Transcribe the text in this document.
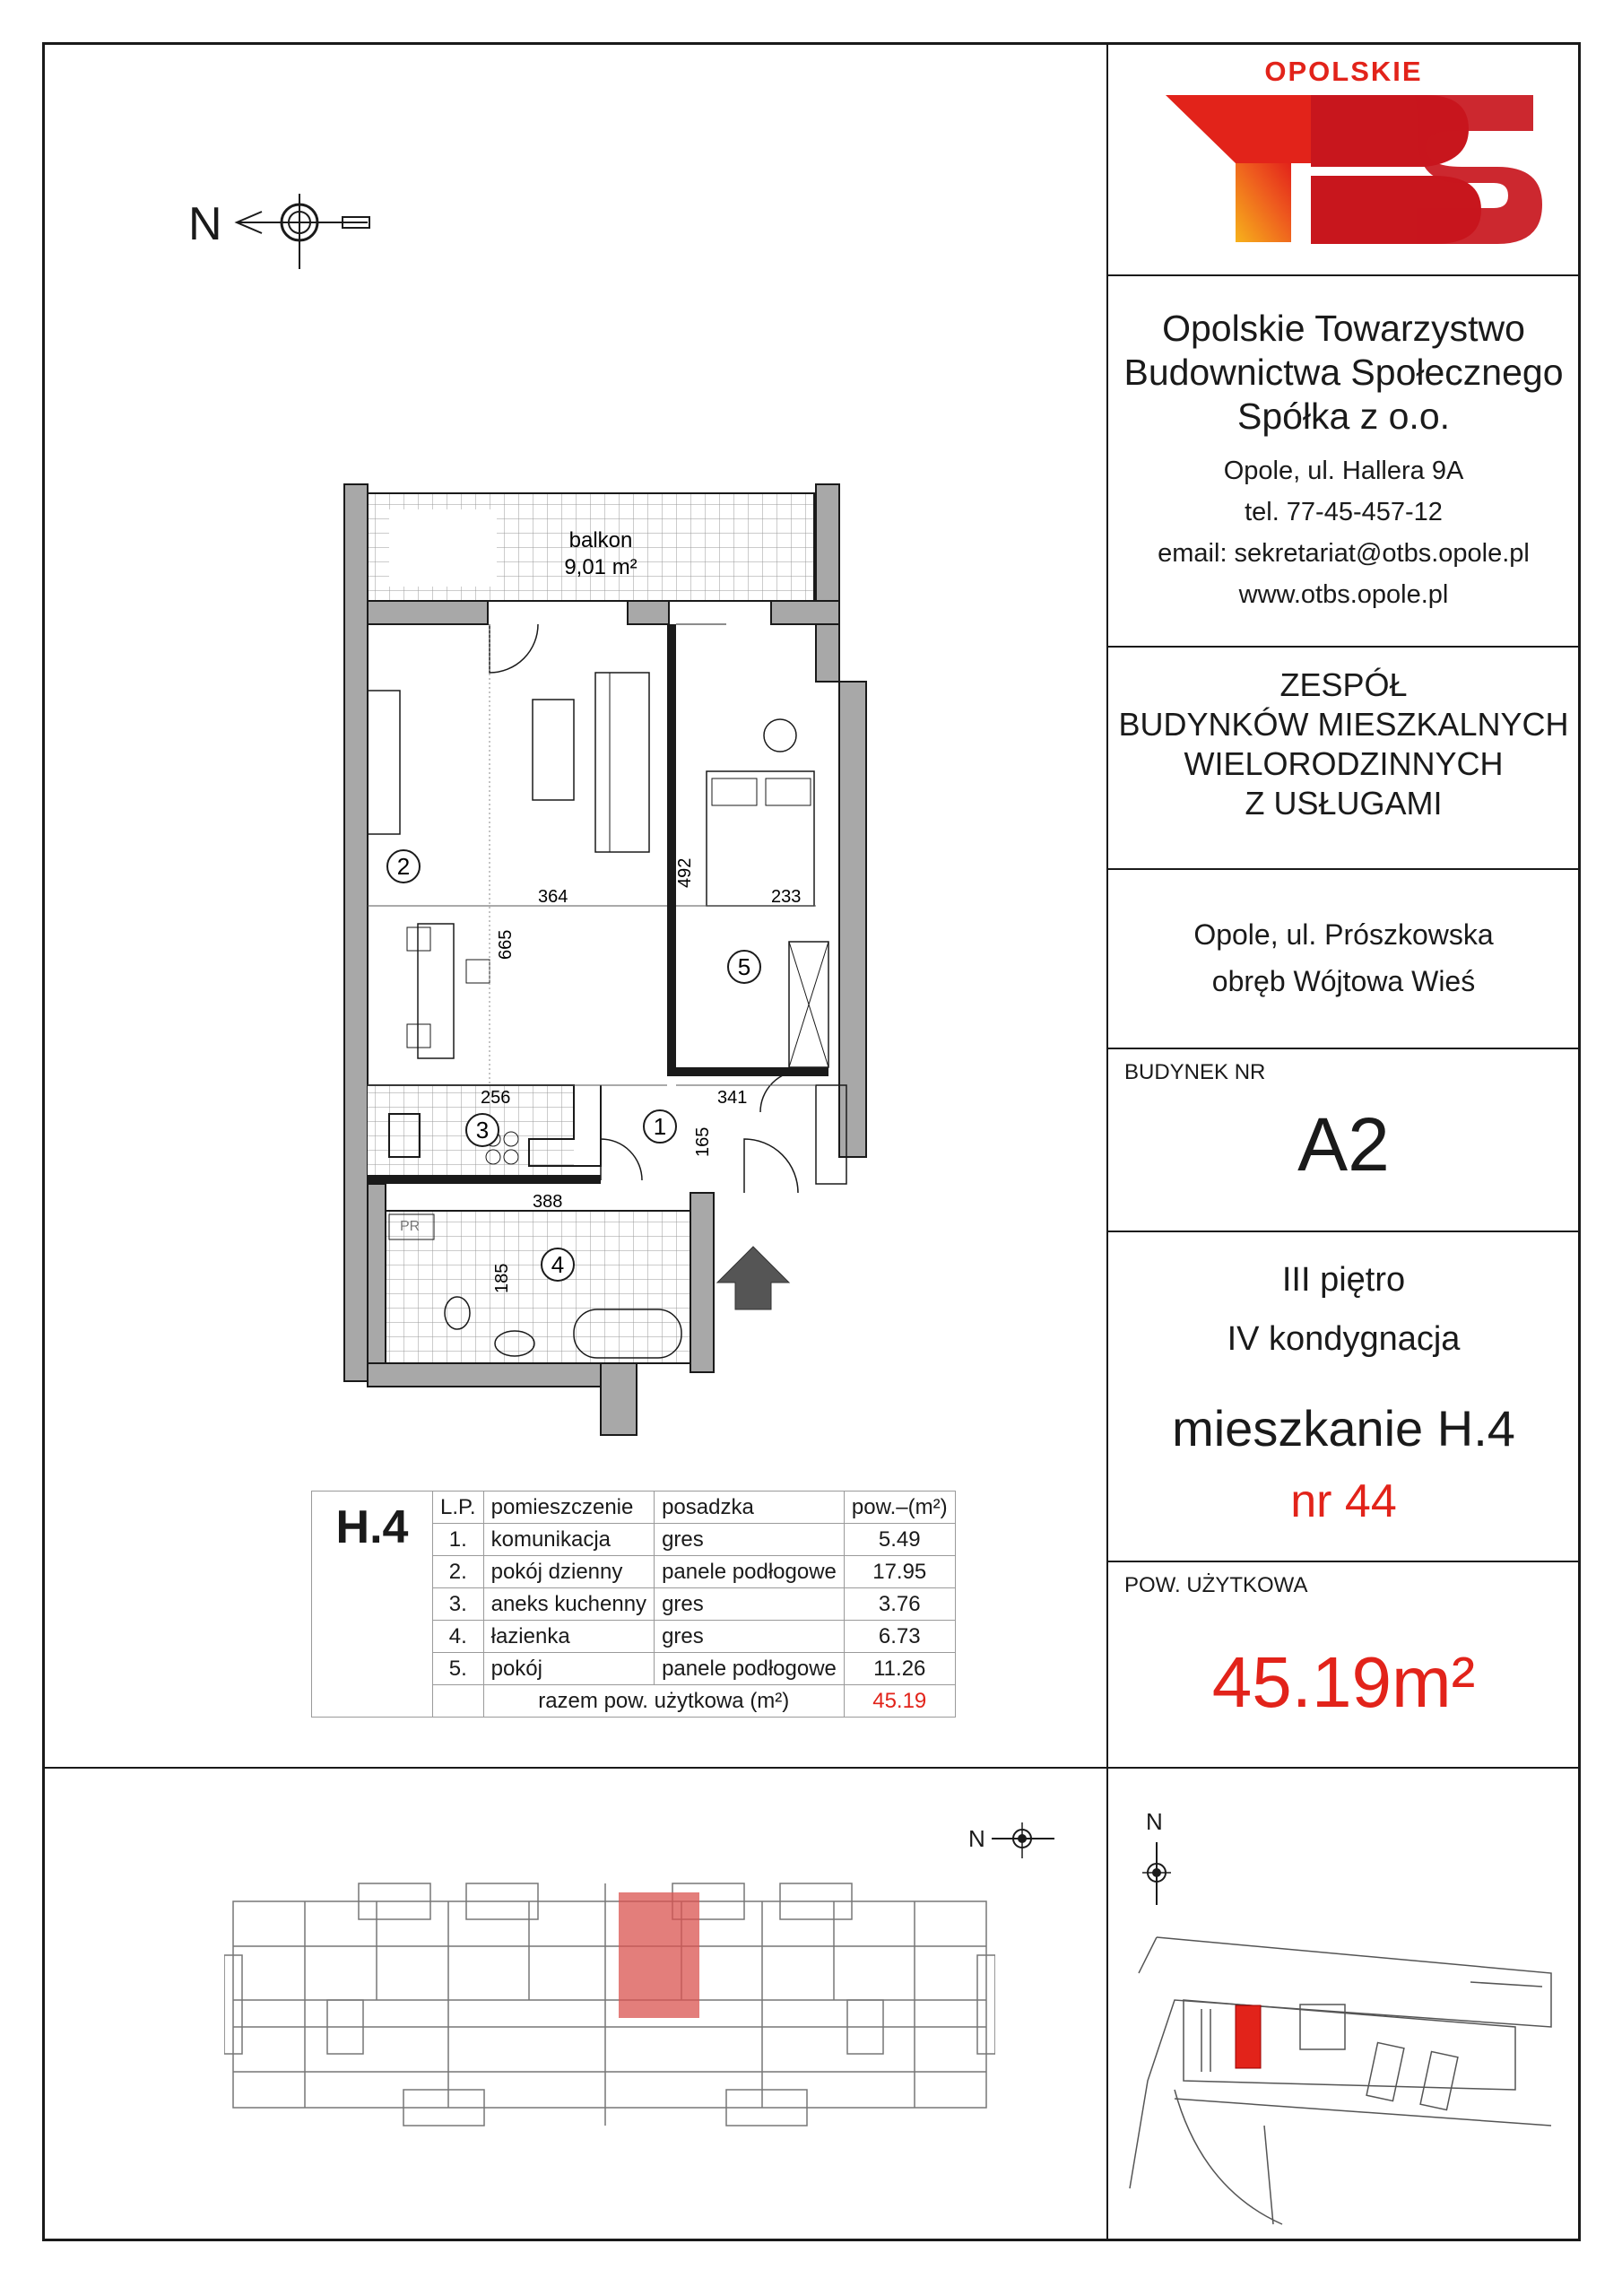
OPOLSKIE
Opolskie Towarzystwo
Budownictwa Społecznego
Spółka z o.o.
Opole, ul. Hallera 9A
tel. 77-45-457-12
email: sekretariat@otbs.opole.pl
www.otbs.opole.pl
ZESPÓŁ
BUDYNKÓW MIESZKALNYCH
WIELORODZINNYCH
Z USŁUGAMI
Opole, ul. Prószkowska
obręb Wójtowa Wieś
BUDYNEK NR
A2
III piętro
IV kondygnacja
mieszkanie H.4
nr 44
POW. UŻYTKOWA
45.19m²
N
balkon
9,01 m²
2
5
3	1
4
364	233
492
665
256	341
165
388
185
PR
H.4	L.P.	pomieszczenie	posadzka	pow.–(m²)
	1.	komunikacja	gres	5.49
	2.	pokój dzienny	panele podłogowe	17.95
	3.	aneks kuchenny	gres	3.76
	4.	łazienka	gres	6.73
	5.	pokój	panele podłogowe	11.26
		razem pow. użytkowa (m²)		45.19
N
N
N
